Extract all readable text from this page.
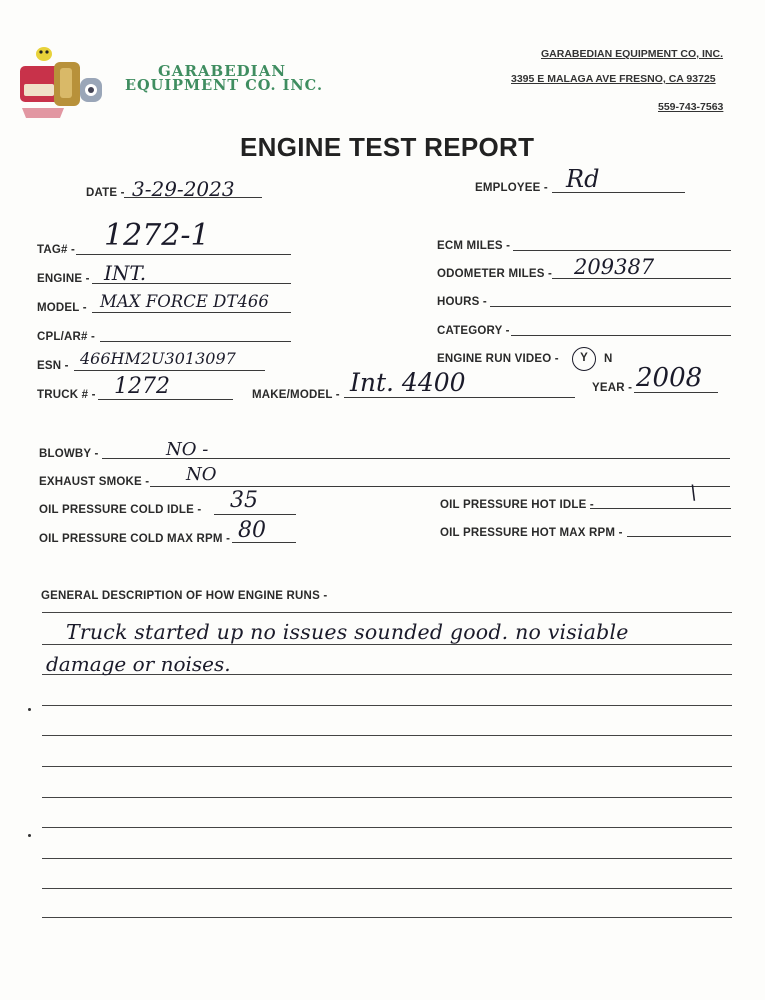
GARABEDIAN
EQUIPMENT CO. INC.
GARABEDIAN EQUIPMENT CO, INC.
3395 E MALAGA AVE FRESNO, CA 93725
559-743-7563
ENGINE TEST REPORT
DATE - 3-29-2023	EMPLOYEE - Rd
TAG# - 1272-1
ENGINE - INT.
MODEL - MAX FORCE DT466
CPL/AR# -
ESN - 466HM2U3013097
TRUCK # - 1272
ECM MILES -
ODOMETER MILES - 209387
HOURS -
CATEGORY -
ENGINE RUN VIDEO -	Y	N
MAKE/MODEL - Int. 4400	YEAR - 2008
BLOWBY -	NO -
EXHAUST SMOKE - NO
OIL PRESSURE COLD IDLE - 35	OIL PRESSURE HOT IDLE -
\
OIL PRESSURE COLD MAX RPM - 80	OIL PRESSURE HOT MAX RPM -
GENERAL DESCRIPTION OF HOW ENGINE RUNS -
Truck started up no issues sounded good. no visiable
damage or noises.
